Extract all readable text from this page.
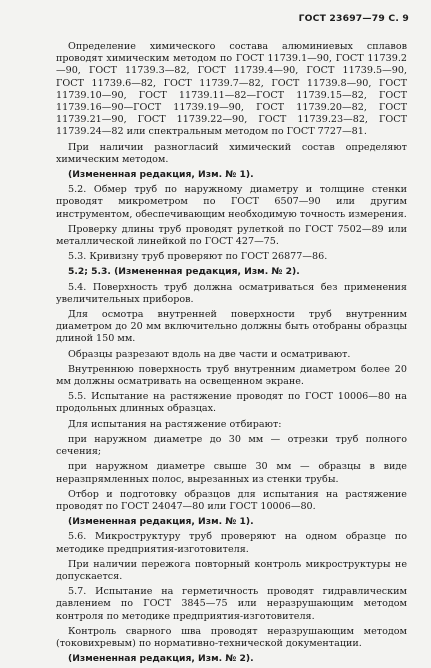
ГОСТ 23697—79 С. 9

Определение химического состава алюминиевых сплавов проводят химическим методом по ГОСТ 11739.1—90, ГОСТ 11739.2—90, ГОСТ 11739.3—82, ГОСТ 11739.4—90, ГОСТ 11739.5—90, ГОСТ 11739.6—82, ГОСТ 11739.7—82, ГОСТ 11739.8—90, ГОСТ 11739.10—90, ГОСТ 11739.11—82—ГОСТ 11739.15—82, ГОСТ 11739.16—90—ГОСТ 11739.19—90, ГОСТ 11739.20—82, ГОСТ 11739.21—90, ГОСТ 11739.22—90, ГОСТ 11739.23—82, ГОСТ 11739.24—82 или спектральным методом по ГОСТ 7727—81.

При наличии разногласий химический состав определяют химическим методом.

(Измененная редакция, Изм. № 1).

5.2. Обмер труб по наружному диаметру и толщине стенки проводят микрометром по ГОСТ 6507—90 или другим инструментом, обеспечивающим необходимую точность измерения.

Проверку длины труб проводят рулеткой по ГОСТ 7502—89 или металлической линейкой по ГОСТ 427—75.

5.3. Кривизну труб проверяют по ГОСТ 26877—86.

5.2; 5.3. (Измененная редакция, Изм. № 2).

5.4. Поверхность труб должна осматриваться без применения увеличительных приборов.

Для осмотра внутренней поверхности труб внутренним диаметром до 20 мм включительно должны быть отобраны образцы длиной 150 мм.

Образцы разрезают вдоль на две части и осматривают.

Внутреннюю поверхность труб внутренним диаметром более 20 мм должны осматривать на освещенном экране.

5.5. Испытание на растяжение проводят по ГОСТ 10006—80 на продольных длинных образцах.

Для испытания на растяжение отбирают:

при наружном диаметре до 30 мм — отрезки труб полного сечения;

при наружном диаметре свыше 30 мм — образцы в виде неразпрямленных полос, вырезанных из стенки трубы.

Отбор и подготовку образцов для испытания на растяжение проводят по ГОСТ 24047—80 или ГОСТ 10006—80.

(Измененная редакция, Изм. № 1).

5.6. Микроструктуру труб проверяют на одном образце по методике предприятия-изготовителя.

При наличии пережога повторный контроль микроструктуры не допускается.

5.7. Испытание на герметичность проводят гидравлическим давлением по ГОСТ 3845—75 или неразрушающим методом контроля по методике предприятия-изготовителя.

Контроль сварного шва проводят неразрушающим методом (токовихревым) по нормативно-технической документации.

(Измененная редакция, Изм. № 2).
